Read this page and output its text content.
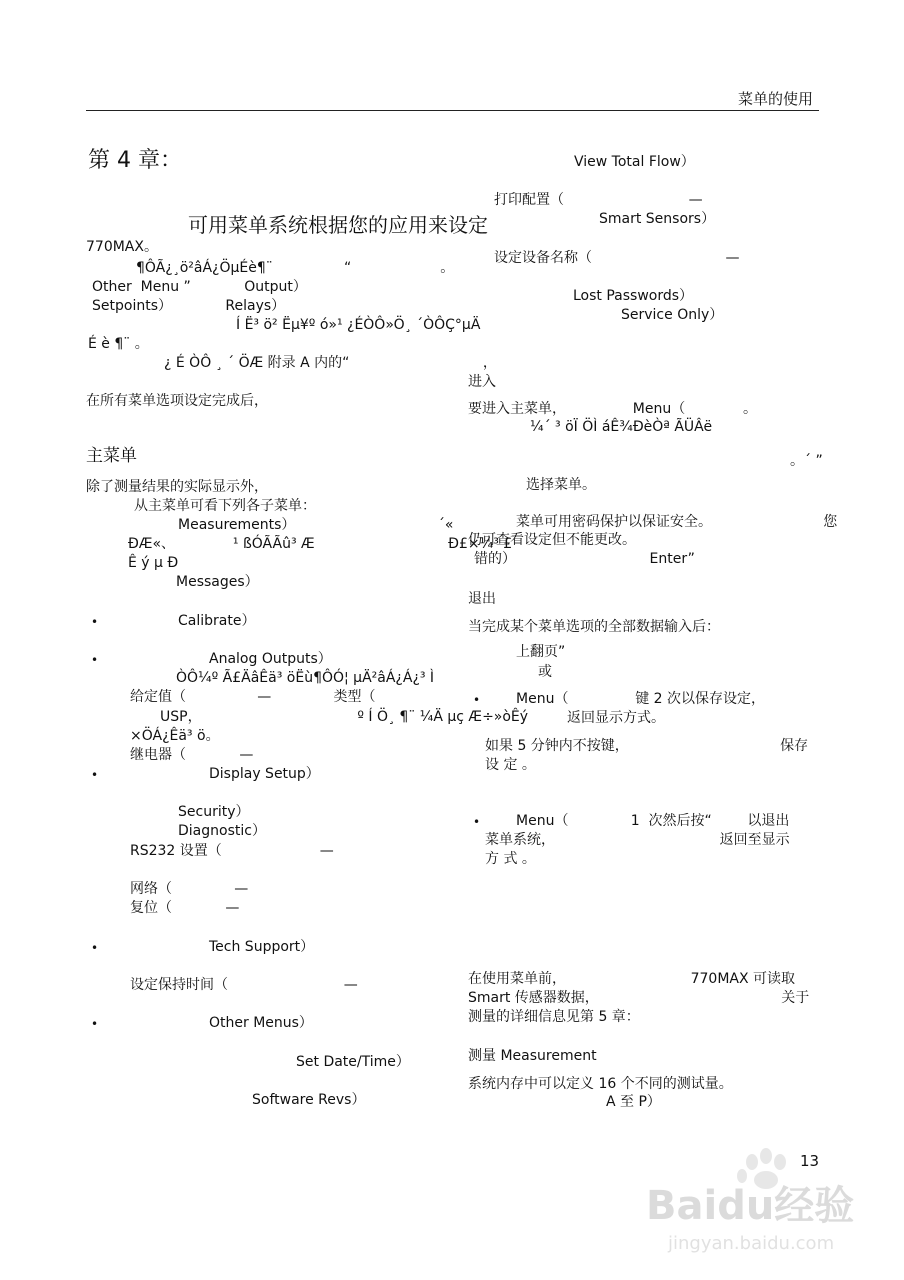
菜单的使用
第 4 章：
可用菜单系统根据您的应用来设定
770MAX。
¶ÔÃ¿¸ö²âÁ¿ÖµÉè¶¨                “                    。
Other  Menu ”            Output）
Setpoints）            Relays）
Í Ë³ ö² Ëµ¥º ó»¹ ¿ÉÒÔ»Ö¸ ´ÒÔÇ°µÄ
É è ¶¨ 。
¿ É ÒÔ ¸ ´ ÖÆ 附录 A 内的“                              ，
在所有菜单选项设定完成后，
主菜单
除了测量结果的实际显示外，
从主菜单可看下列各子菜单：
Measurements）                                ´«
ÐÆ«、             ¹ ßÓÃÃû³ Æ                              Ð£×¼³ £
Ê ý µ Ð
Messages）
•	Calibrate）
•	Analog Outputs）
ÒÔ¼º Ã£ÄâÊä³ öËù¶ÔÓ¦ µÄ²âÁ¿Á¿³ Ì
给定值（                —              类型（
USP，                                   º Í Ö¸ ¶¨ ¼Ä µç Æ÷»òÊý
×ÖÁ¿Êä³ ö。
继电器（            —
•	Display Setup）
Security）
Diagnostic）
RS232 设置（                      —
网络（              —
复位（            —
•	Tech Support）
设定保持时间（                          —
•	Other Menus）
Set Date/Time）
Software Revs）
View Total Flow）
打印配置（                            —
Smart Sensors）
设定设备名称（                              —
Lost Passwords）
Service Only）
进入
要进入主菜单，               Menu（             。
¼´ ³ öÏ ÖÌ áÊ¾ÐèÒª ÃÜÂë
。´ ”
选择菜单。
菜单可用密码保护以保证安全。                         您
仍可查看设定但不能更改。
错的）                              Enter”
退出
当完成某个菜单选项的全部数据输入后：
上翻页”
或
•	Menu（               键 2 次以保存设定，
返回显示方式。
如果 5 分钟内不按键，                                  保存
设 定 。
•	Menu（              1  次然后按“        以退出
菜单系统，                                     返回至显示
方 式 。
在使用菜单前，                            770MAX 可读取
Smart 传感器数据，                                         关于
测量的详细信息见第 5 章：
测量 Measurement
系统内存中可以定义 16 个不同的测试量。
A 至 P）
13
Baidu经验
jingyan.baidu.com
